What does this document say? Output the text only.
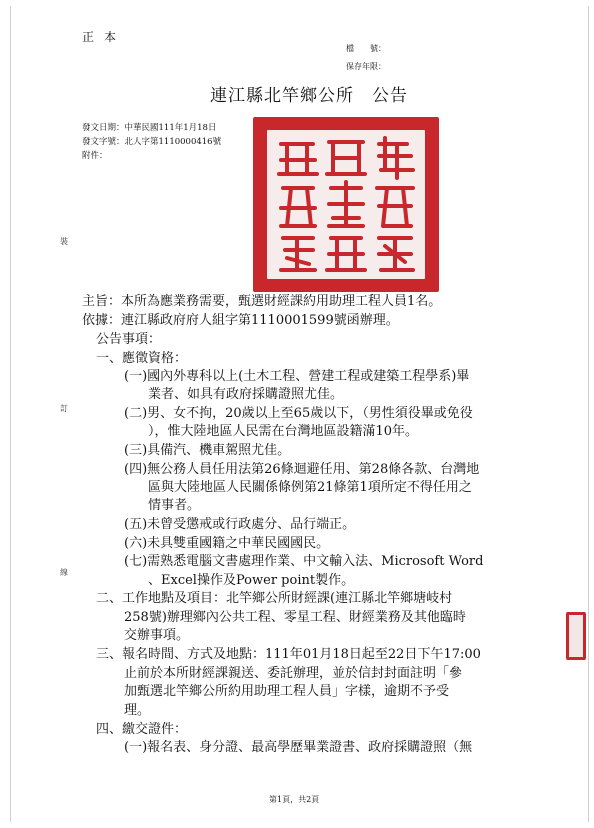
正本
檔　　號：
保存年限：
連江縣北竿鄉公所 公告
發文日期：中華民國111年1月18日
發文字號：北人字第1110000416號
附件：
裝
訂
線
主旨：本所為應業務需要，甄選財經課約用助理工程人員1名。
依據：連江縣政府府人組字第1110001599號函辦理。
公告事項：
一、應徵資格：
(一)國內外專科以上(土木工程、營建工程或建築工程學系)畢
業者、如具有政府採購證照尤佳。
(二)男、女不拘，20歲以上至65歲以下，（男性須役畢或免役
），惟大陸地區人民需在台灣地區設籍滿10年。
(三)具備汽、機車駕照尤佳。
(四)無公務人員任用法第26條迴避任用、第28條各款、台灣地
區與大陸地區人民關係條例第21條第1項所定不得任用之
情事者。
(五)未曾受懲戒或行政處分、品行端正。
(六)未具雙重國籍之中華民國國民。
(七)需熟悉電腦文書處理作業、中文輸入法、Microsoft Word
、Excel操作及Power point製作。
二、工作地點及項目：北竿鄉公所財經課(連江縣北竿鄉塘岐村
258號)辦理鄉內公共工程、零星工程、財經業務及其他臨時
交辦事項。
三、報名時間、方式及地點：111年01月18日起至22日下午17:00
止前於本所財經課親送、委託辦理，並於信封封面註明「參
加甄選北竿鄉公所約用助理工程人員」字樣，逾期不予受
理。
四、繳交證件：
(一)報名表、身分證、最高學歷畢業證書、政府採購證照（無
第1頁，共2頁
